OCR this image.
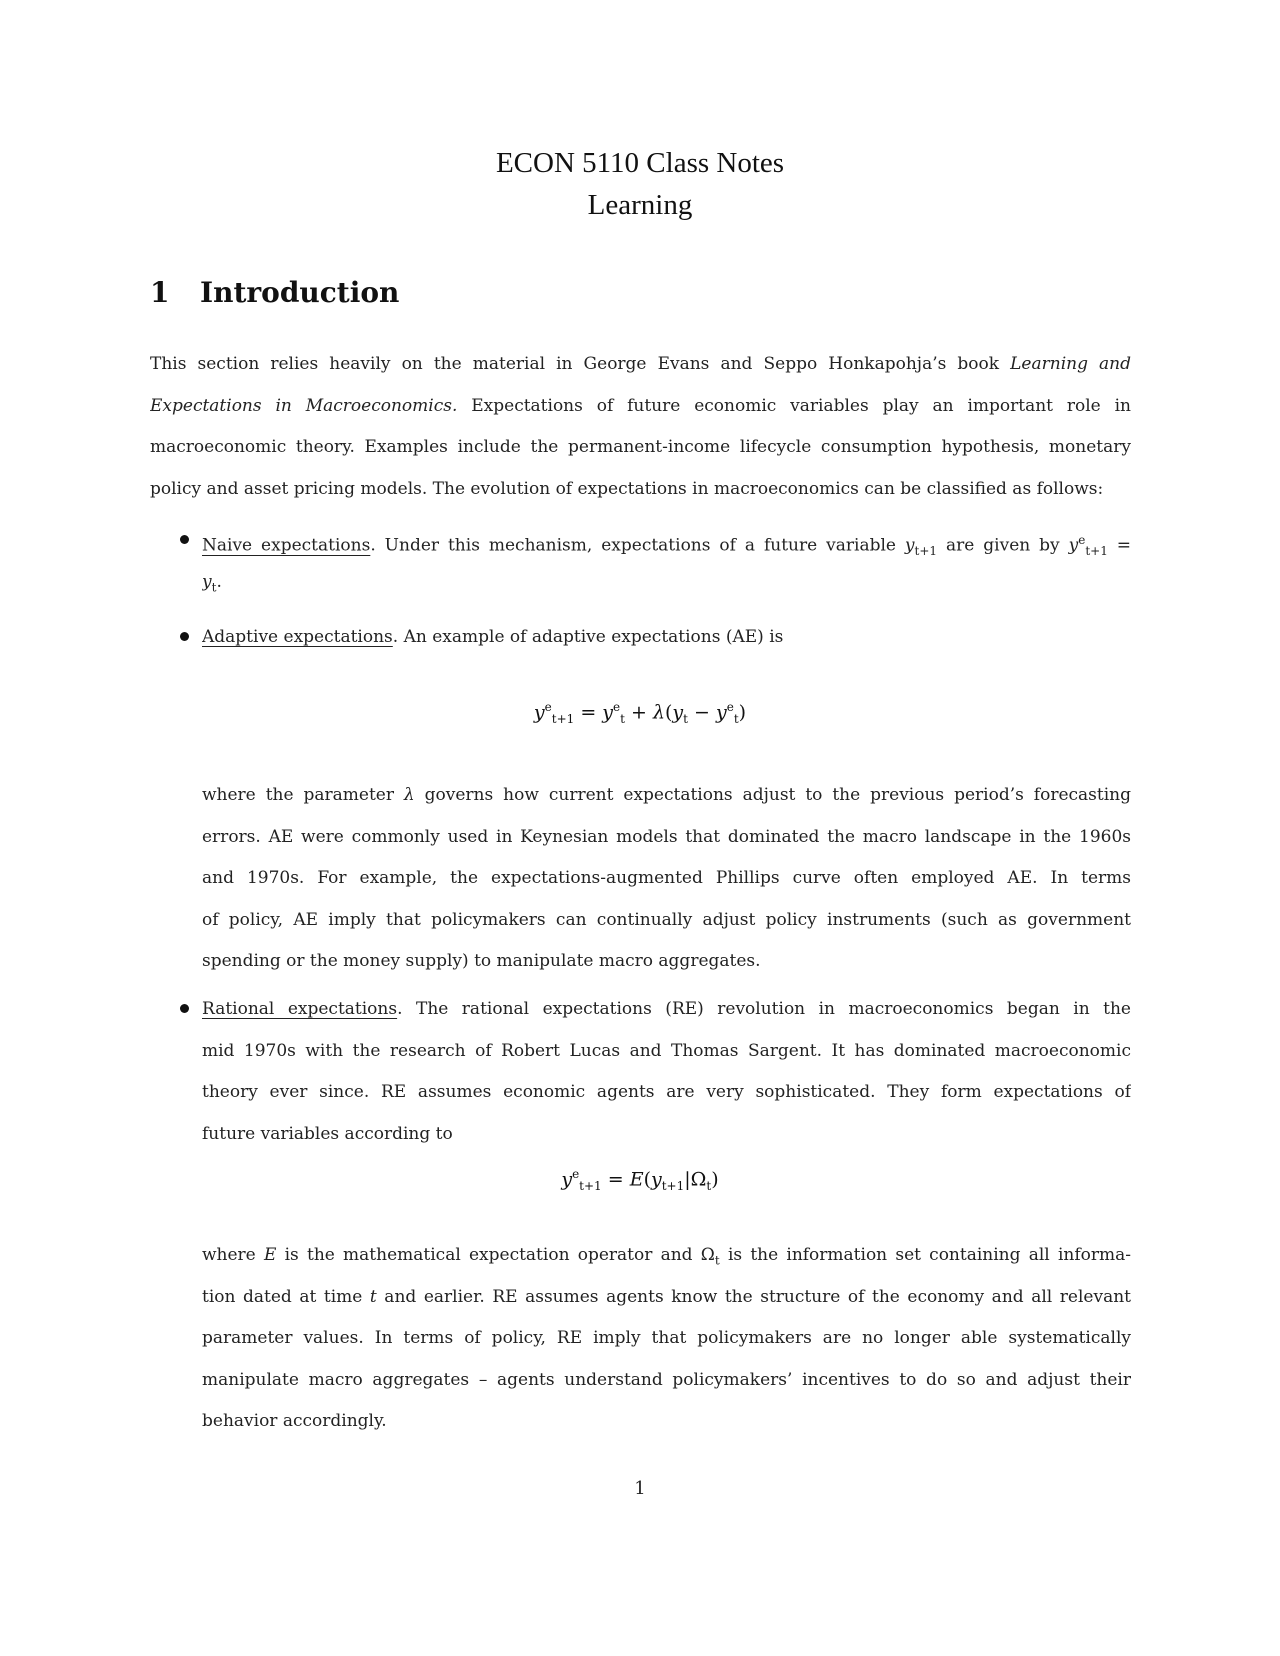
ECON 5110 Class Notes
Learning
1 Introduction
This section relies heavily on the material in George Evans and Seppo Honkapohja’s book Learning and
Expectations in Macroeconomics. Expectations of future economic variables play an important role in
macroeconomic theory. Examples include the permanent-income lifecycle consumption hypothesis, monetary
policy and asset pricing models. The evolution of expectations in macroeconomics can be classified as follows:
Naive expectations. Under this mechanism, expectations of a future variable $y_{t+1}$ are given by $y^e_{t+1}$ =
$y_t$.
Adaptive expectations. An example of adaptive expectations (AE) is
$y^e_{t+1} = y^e_t + \lambda(y_t - y^e_t)$
where the parameter λ governs how current expectations adjust to the previous period’s forecasting
errors. AE were commonly used in Keynesian models that dominated the macro landscape in the 1960s
and 1970s. For example, the expectations-augmented Phillips curve often employed AE. In terms
of policy, AE imply that policymakers can continually adjust policy instruments (such as government
spending or the money supply) to manipulate macro aggregates.
Rational expectations. The rational expectations (RE) revolution in macroeconomics began in the
mid 1970s with the research of Robert Lucas and Thomas Sargent. It has dominated macroeconomic
theory ever since. RE assumes economic agents are very sophisticated. They form expectations of
future variables according to
$y^e_{t+1} = E(y_{t+1}|\Omega_t)$
where E is the mathematical expectation operator and $\Omega_t$ is the information set containing all informa-
tion dated at time t and earlier. RE assumes agents know the structure of the economy and all relevant
parameter values. In terms of policy, RE imply that policymakers are no longer able systematically
manipulate macro aggregates – agents understand policymakers’ incentives to do so and adjust their
behavior accordingly.
1
